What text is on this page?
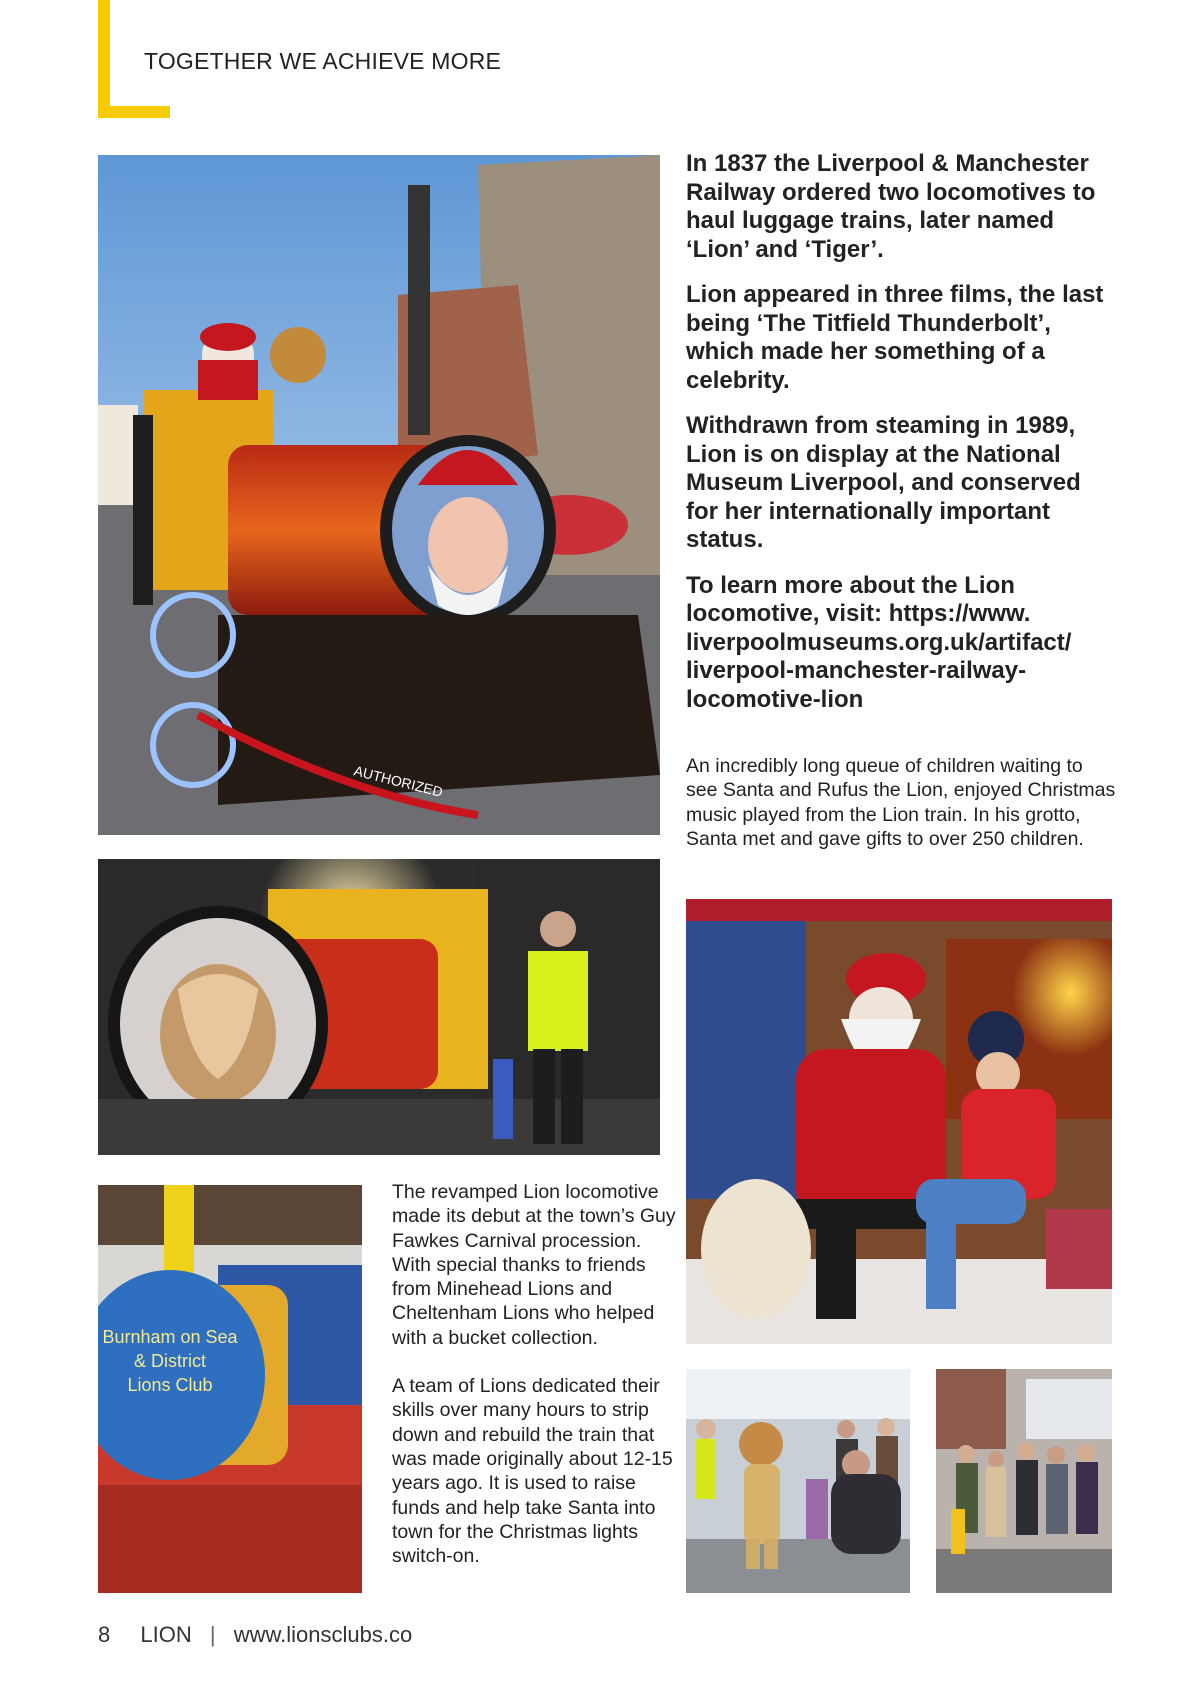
TOGETHER WE ACHIEVE MORE
AUTHORIZED
Burnham on Sea
& District
Lions Club

In 1837 the Liverpool & Manchester Railway ordered two locomotives to haul luggage trains, later named ‘Lion’ and ‘Tiger’.

Lion appeared in three films, the last being ‘The Titfield Thunderbolt’, which made her something of a celebrity.

Withdrawn from steaming in 1989, Lion is on display at the National Museum Liverpool, and conserved for her internationally important status.

To learn more about the Lion locomotive, visit: https://www. liverpoolmuseums.org.uk/artifact/ liverpool-manchester-railway- locomotive-lion

An incredibly long queue of children waiting to see Santa and Rufus the Lion, enjoyed Christmas music played from the Lion train. In his grotto, Santa met and gave gifts to over 250 children.

The revamped Lion locomotive made its debut at the town’s Guy Fawkes Carnival procession. With special thanks to friends from Minehead Lions and Cheltenham Lions who helped with a bucket collection.

A team of Lions dedicated their skills over many hours to strip down and rebuild the train that was made originally about 12-15 years ago. It is used to raise funds and help take Santa into town for the Christmas lights switch-on.

8 LION | www.lionsclubs.co
